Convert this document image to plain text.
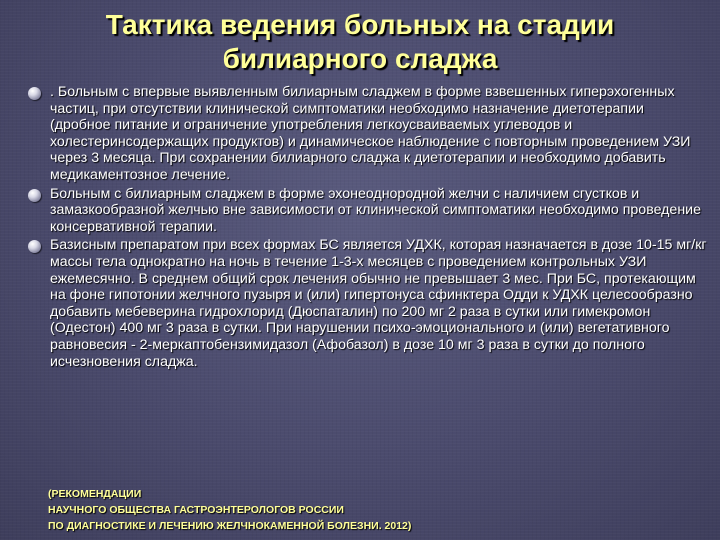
Тактика ведения больных на стадии
билиарного сладжа
. Больным с впервые выявленным билиарным сладжем в форме взвешенных гиперэхогенных частиц, при отсутствии клинической симптоматики необходимо назначение диетотерапии (дробное питание и ограничение употребления легкоусваиваемых углеводов и холестеринсодержащих продуктов) и динамическое наблюдение с повторным проведением УЗИ через 3 месяца. При сохранении билиарного сладжа к диетотерапии и необходимо добавить медикаментозное лечение.
Больным с билиарным сладжем в форме эхонеоднородной желчи с наличием сгустков и замазкообразной желчью вне зависимости от клинической симптоматики необходимо проведение консервативной терапии.
Базисным препаратом при всех формах БС является УДХК, которая назначается в дозе 10-15 мг/кг массы тела однократно на ночь в течение 1-3-х месяцев с проведением контрольных УЗИ ежемесячно. В среднем общий срок лечения обычно не превышает 3 мес. При БС, протекающим на фоне гипотонии желчного пузыря и (или) гипертонуса сфинктера Одди к УДХК целесообразно добавить мебеверина гидрохлорид (Дюспаталин) по 200 мг 2 раза в сутки или гимекромон (Одестон) 400 мг 3 раза в сутки. При нарушении психо-эмоционального и (или) вегетативного равновесия - 2-меркаптобензимидазол (Афобазол) в дозе 10 мг 3 раза в сутки до полного исчезновения сладжа.
(РЕКОМЕНДАЦИИ
НАУЧНОГО ОБЩЕСТВА ГАСТРОЭНТЕРОЛОГОВ РОССИИ
ПО ДИАГНОСТИКЕ И ЛЕЧЕНИЮ ЖЕЛЧНОКАМЕННОЙ БОЛЕЗНИ. 2012)
